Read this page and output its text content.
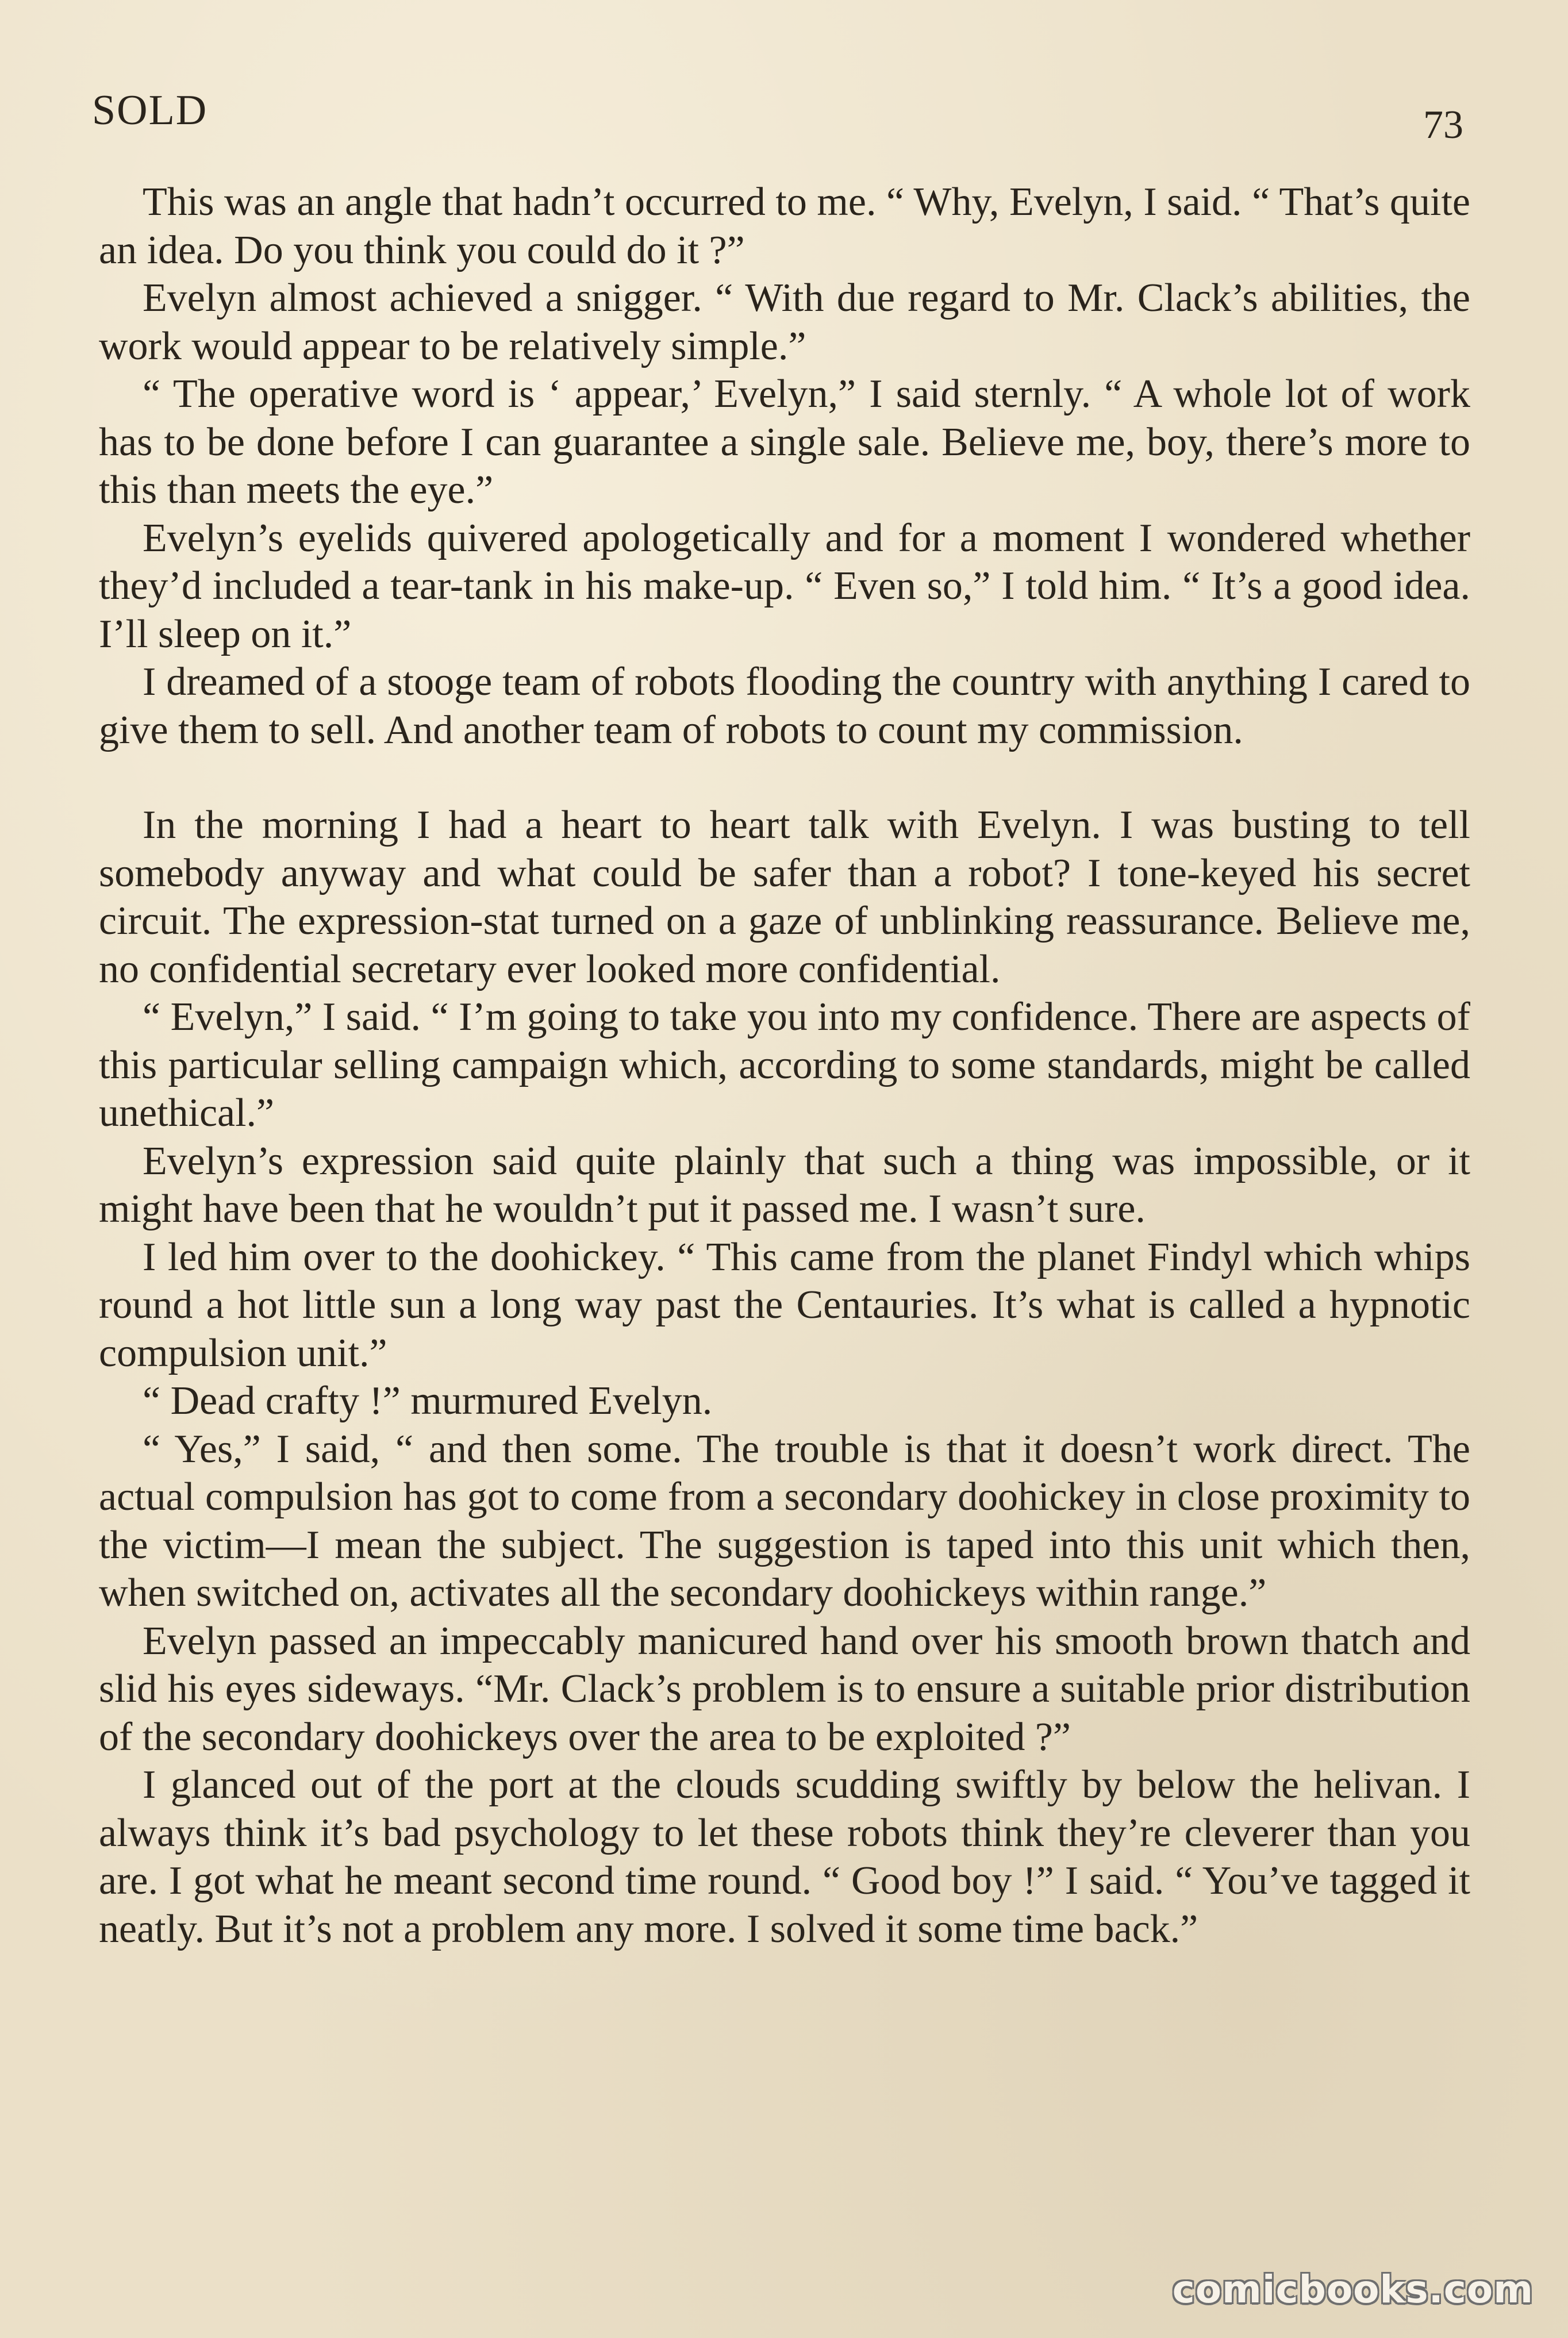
SOLD	73

This was an angle that hadn’t occurred to me. “ Why, Evelyn, I said. “ That’s quite an idea. Do you think you could do it ?”

Evelyn almost achieved a snigger. “ With due regard to Mr. Clack’s abilities, the work would appear to be relatively simple.”

“ The operative word is ‘ appear,’ Evelyn,” I said sternly. “ A whole lot of work has to be done before I can guarantee a single sale. Believe me, boy, there’s more to this than meets the eye.”

Evelyn’s eyelids quivered apologetically and for a moment I wondered whether they’d included a tear-tank in his make-up. “ Even so,” I told him. “ It’s a good idea. I’ll sleep on it.”

I dreamed of a stooge team of robots flooding the country with anything I cared to give them to sell. And another team of robots to count my commission.

In the morning I had a heart to heart talk with Evelyn. I was busting to tell somebody anyway and what could be safer than a robot? I tone-keyed his secret circuit. The expression-stat turned on a gaze of unblinking reassurance. Believe me, no confidential secretary ever looked more confidential.

“ Evelyn,” I said. “ I’m going to take you into my confidence. There are aspects of this particular selling campaign which, according to some standards, might be called unethical.”

Evelyn’s expression said quite plainly that such a thing was impossible, or it might have been that he wouldn’t put it passed me. I wasn’t sure.

I led him over to the doohickey. “ This came from the planet Findyl which whips round a hot little sun a long way past the Centauries. It’s what is called a hypnotic compulsion unit.”

“ Dead crafty !” murmured Evelyn.

“ Yes,” I said, “ and then some. The trouble is that it doesn’t work direct. The actual compulsion has got to come from a secondary doohickey in close proximity to the victim—I mean the subject. The suggestion is taped into this unit which then, when switched on, activates all the secondary doohickeys within range.”

Evelyn passed an impeccably manicured hand over his smooth brown thatch and slid his eyes sideways. “Mr. Clack’s problem is to ensure a suitable prior distribution of the secondary doohickeys over the area to be exploited ?”

I glanced out of the port at the clouds scudding swiftly by below the helivan. I always think it’s bad psychology to let these robots think they’re cleverer than you are. I got what he meant second time round. “ Good boy !” I said. “ You’ve tagged it neatly. But it’s not a problem any more. I solved it some time back.”

comicbooks.com
